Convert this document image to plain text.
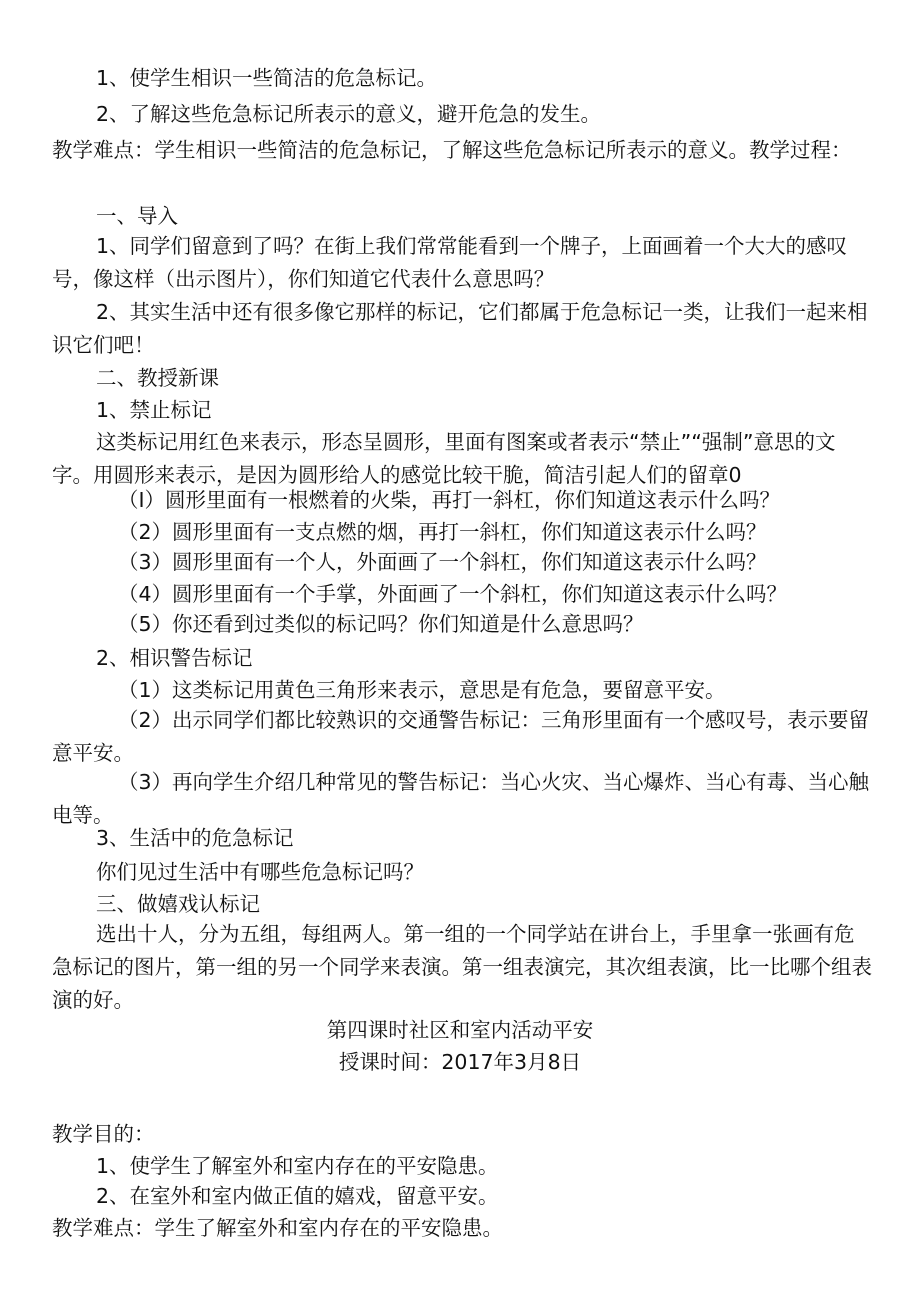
1、使学生相识一些简洁的危急标记。

2、了解这些危急标记所表示的意义，避开危急的发生。

教学难点：学生相识一些简洁的危急标记，了解这些危急标记所表示的意义。教学过程：

一、导入

1、同学们留意到了吗？在街上我们常常能看到一个牌子，上面画着一个大大的感叹号，像这样（出示图片），你们知道它代表什么意思吗？

2、其实生活中还有很多像它那样的标记，它们都属于危急标记一类，让我们一起来相识它们吧！

二、教授新课

1、禁止标记

这类标记用红色来表示，形态呈圆形，里面有图案或者表示“禁止”“强制”意思的文字。用圆形来表示，是因为圆形给人的感觉比较干脆，简洁引起人们的留章0

（I）圆形里面有一根燃着的火柴，再打一斜杠，你们知道这表示什么吗？

（2）圆形里面有一支点燃的烟，再打一斜杠，你们知道这表示什么吗？

（3）圆形里面有一个人，外面画了一个斜杠，你们知道这表示什么吗？

（4）圆形里面有一个手掌，外面画了一个斜杠，你们知道这表示什么吗？

（5）你还看到过类似的标记吗？你们知道是什么意思吗？

2、相识警告标记

（1）这类标记用黄色三角形来表示，意思是有危急，要留意平安。

（2）出示同学们都比较熟识的交通警告标记：三角形里面有一个感叹号，表示要留意平安。

（3）再向学生介绍几种常见的警告标记：当心火灾、当心爆炸、当心有毒、当心触电等。

3、生活中的危急标记

你们见过生活中有哪些危急标记吗？

三、做嬉戏认标记

选出十人，分为五组，每组两人。第一组的一个同学站在讲台上，手里拿一张画有危急标记的图片，第一组的另一个同学来表演。第一组表演完，其次组表演，比一比哪个组表演的好。

第四课时社区和室内活动平安

授课时间：2017年3月8日

教学目的：

1、使学生了解室外和室内存在的平安隐患。

2、在室外和室内做正值的嬉戏，留意平安。

教学难点：学生了解室外和室内存在的平安隐患。
